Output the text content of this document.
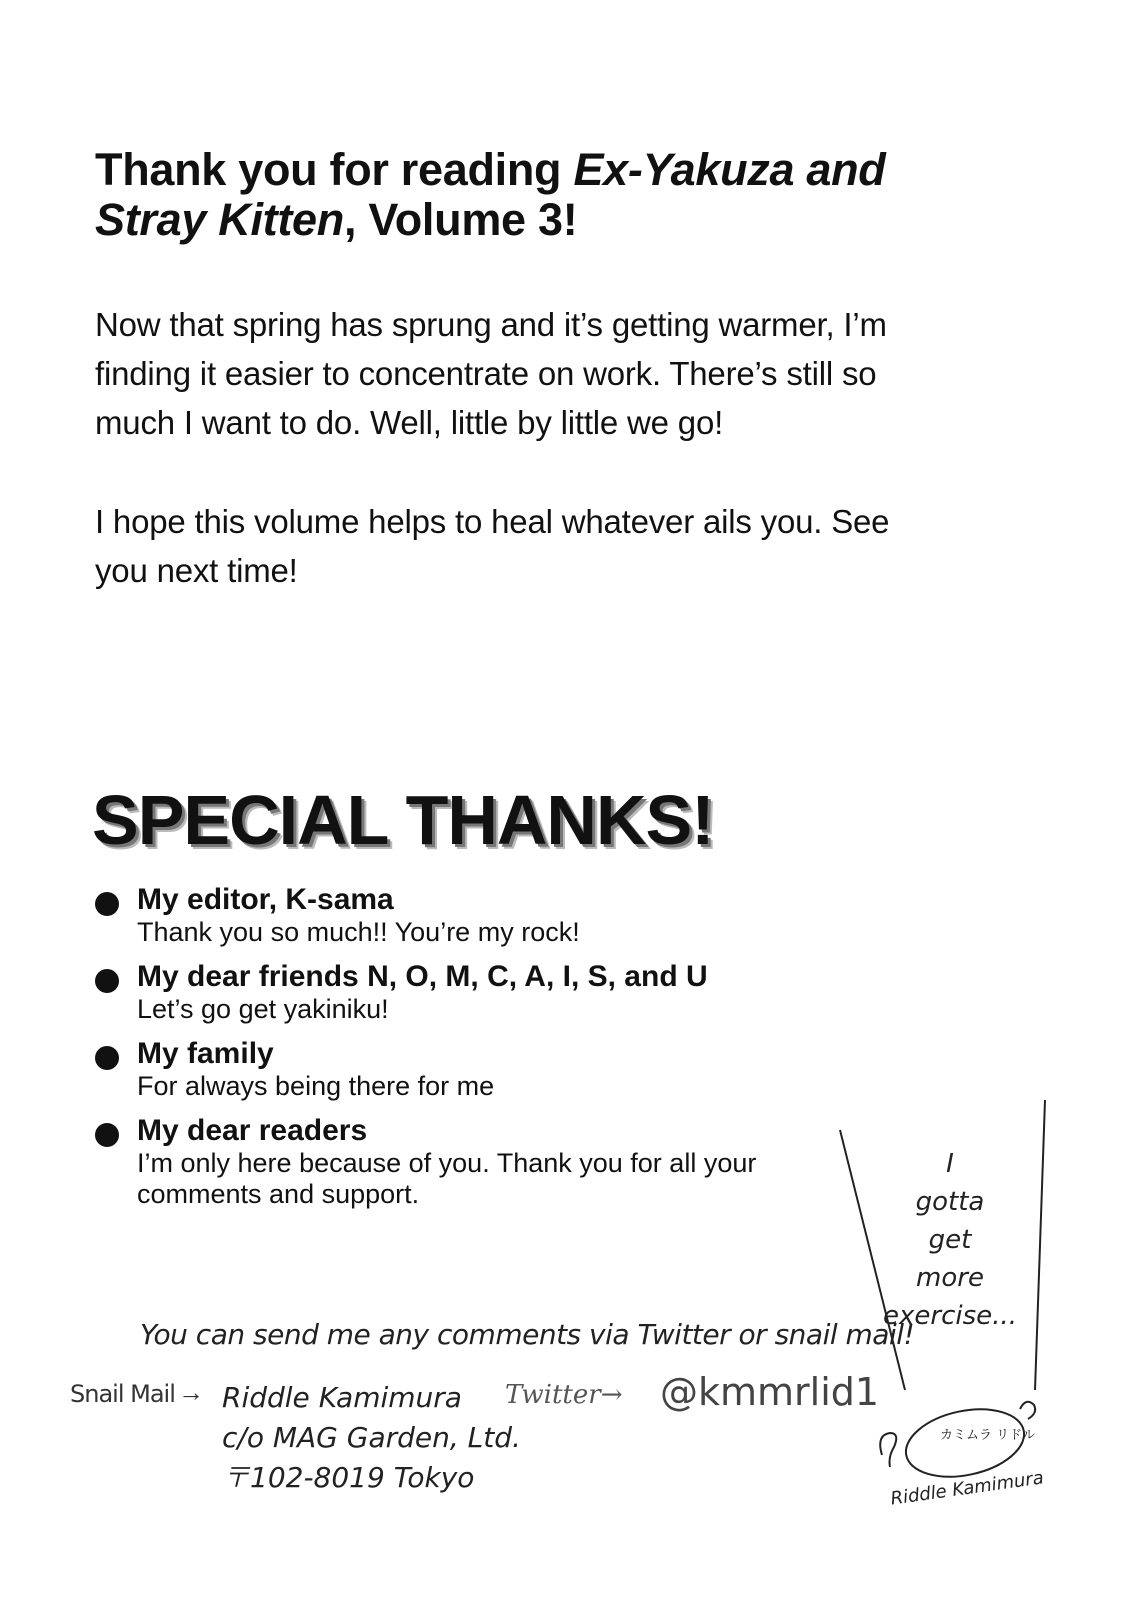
Thank you for reading Ex-Yakuza and Stray Kitten, Volume 3!
Now that spring has sprung and it’s getting warmer, I’m finding it easier to concentrate on work. There’s still so much I want to do. Well, little by little we go!
I hope this volume helps to heal whatever ails you. See you next time!
SPECIAL THANKS!
My editor, K-sama
Thank you so much!! You’re my rock!
My dear friends N, O, M, C, A, I, S, and U
Let’s go get yakiniku!
My family
For always being there for me
My dear readers
I’m only here because of you. Thank you for all your comments and support.
I
gotta
get
more
exercise...
You can send me any comments via Twitter or snail mail!
Snail Mail → Riddle Kamimura
c/o MAG Garden, Ltd.
〒102-8019 Tokyo
Twitter→ @kmmrlid1
カミムラ リドル
Riddle Kamimura
